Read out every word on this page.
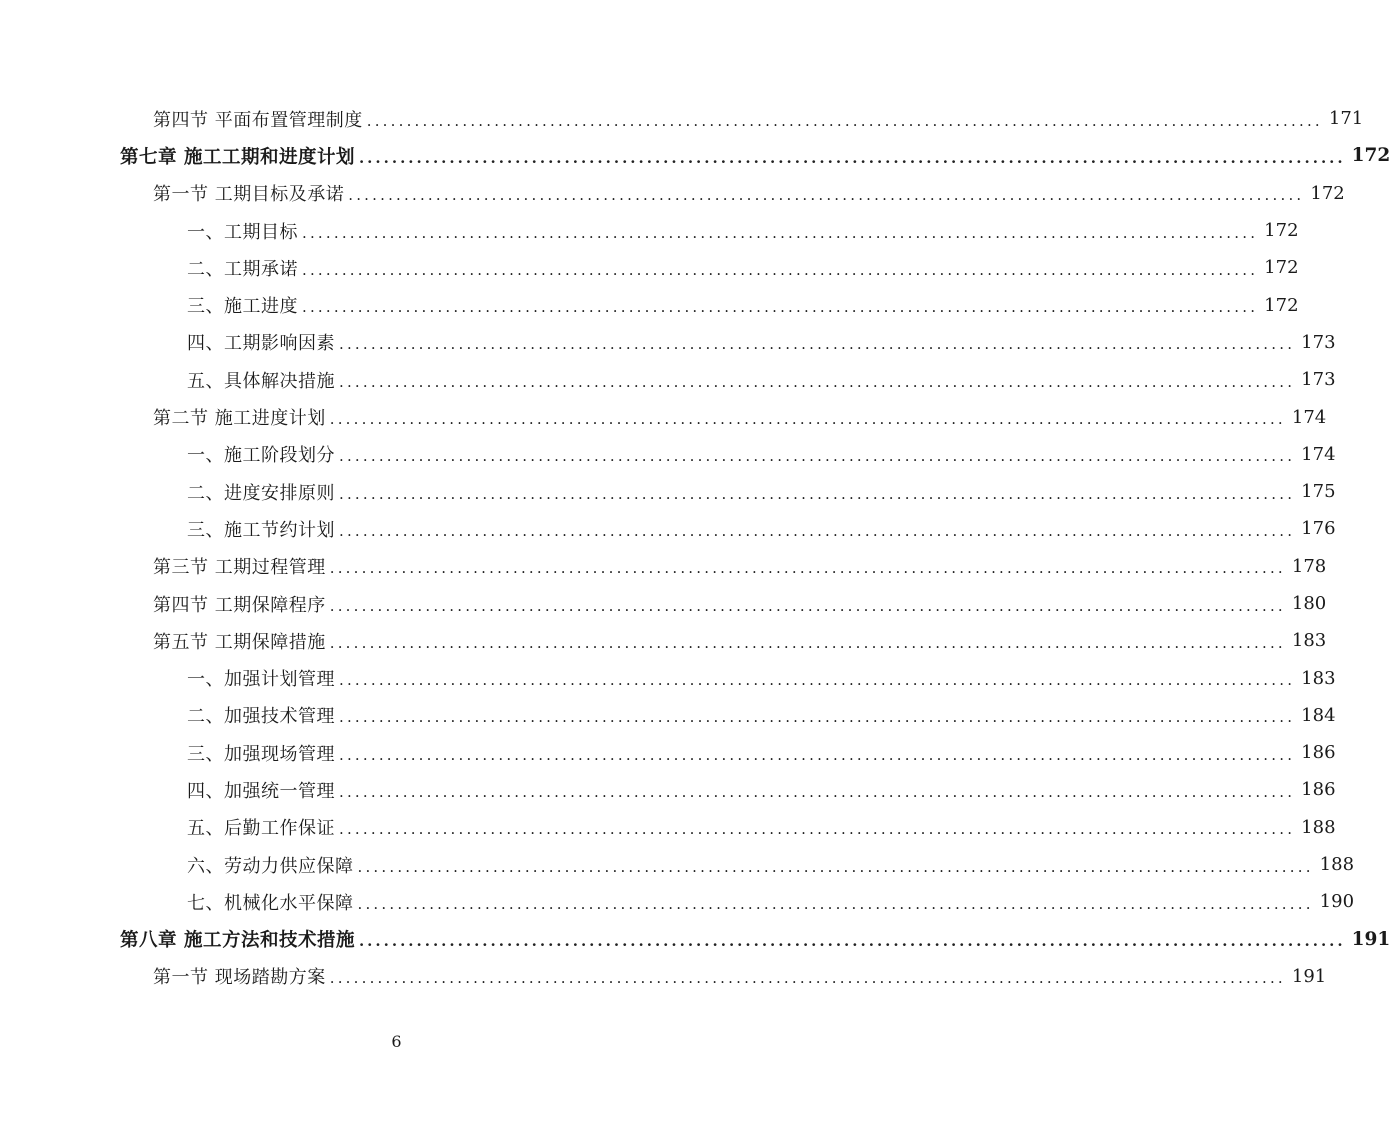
第四节 平面布置管理制度 ........................................................................................................................ 171
第七章 施工工期和进度计划 ........................................................................................................................ 172
第一节 工期目标及承诺 ........................................................................................................................ 172
一、工期目标 ........................................................................................................................ 172
二、工期承诺 ........................................................................................................................ 172
三、施工进度 ........................................................................................................................ 172
四、工期影响因素 ........................................................................................................................ 173
五、具体解决措施 ........................................................................................................................ 173
第二节 施工进度计划 ........................................................................................................................ 174
一、施工阶段划分 ........................................................................................................................ 174
二、进度安排原则 ........................................................................................................................ 175
三、施工节约计划 ........................................................................................................................ 176
第三节 工期过程管理 ........................................................................................................................ 178
第四节 工期保障程序 ........................................................................................................................ 180
第五节 工期保障措施 ........................................................................................................................ 183
一、加强计划管理 ........................................................................................................................ 183
二、加强技术管理 ........................................................................................................................ 184
三、加强现场管理 ........................................................................................................................ 186
四、加强统一管理 ........................................................................................................................ 186
五、后勤工作保证 ........................................................................................................................ 188
六、劳动力供应保障 ........................................................................................................................ 188
七、机械化水平保障 ........................................................................................................................ 190
第八章 施工方法和技术措施 ........................................................................................................................ 191
第一节 现场踏勘方案 ........................................................................................................................ 191
6
